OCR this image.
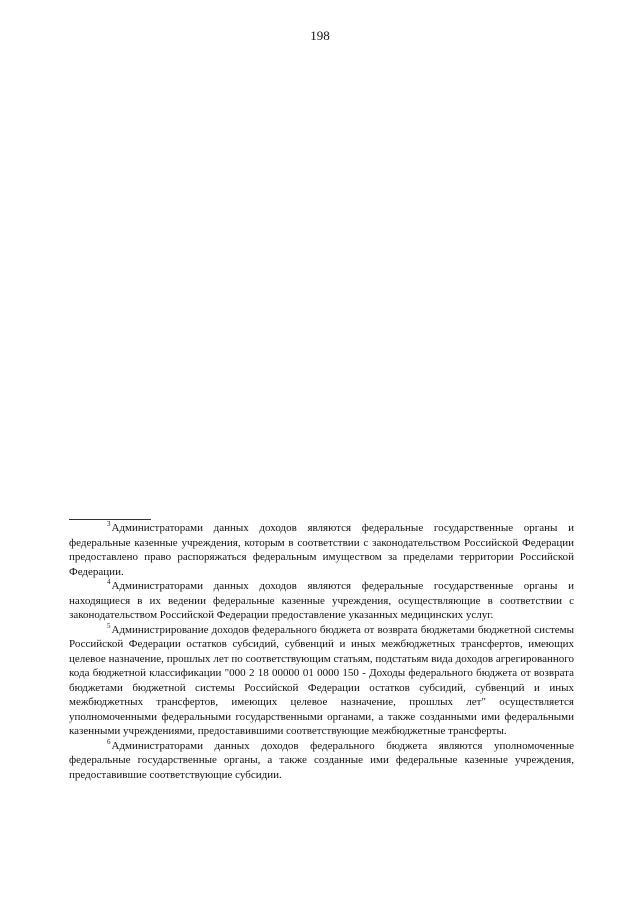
198

$^3$Администраторами данных доходов являются федеральные государственные органы и федеральные казенные учреждения, которым в соответствии с законодательством Российской Федерации предоставлено право распоряжаться федеральным имуществом за пределами территории Российской Федерации.

$^4$Администраторами данных доходов являются федеральные государственные органы и находящиеся в их ведении федеральные казенные учреждения, осуществляющие в соответствии с законодательством Российской Федерации предоставление указанных медицинских услуг.

$^5$Администрирование доходов федерального бюджета от возврата бюджетами бюджетной системы Российской Федерации остатков субсидий, субвенций и иных межбюджетных трансфертов, имеющих целевое назначение, прошлых лет по соответствующим статьям, подстатьям вида доходов агрегированного кода бюджетной классификации "000 2 18 00000 01 0000 150 - Доходы федерального бюджета от возврата бюджетами бюджетной системы Российской Федерации остатков субсидий, субвенций и иных межбюджетных трансфертов, имеющих целевое назначение, прошлых лет" осуществляется уполномоченными федеральными государственными органами, а также созданными ими федеральными казенными учреждениями, предоставившими соответствующие межбюджетные трансферты.

$^6$Администраторами данных доходов федерального бюджета являются уполномоченные федеральные государственные органы, а также созданные ими федеральные казенные учреждения, предоставившие соответствующие субсидии.
